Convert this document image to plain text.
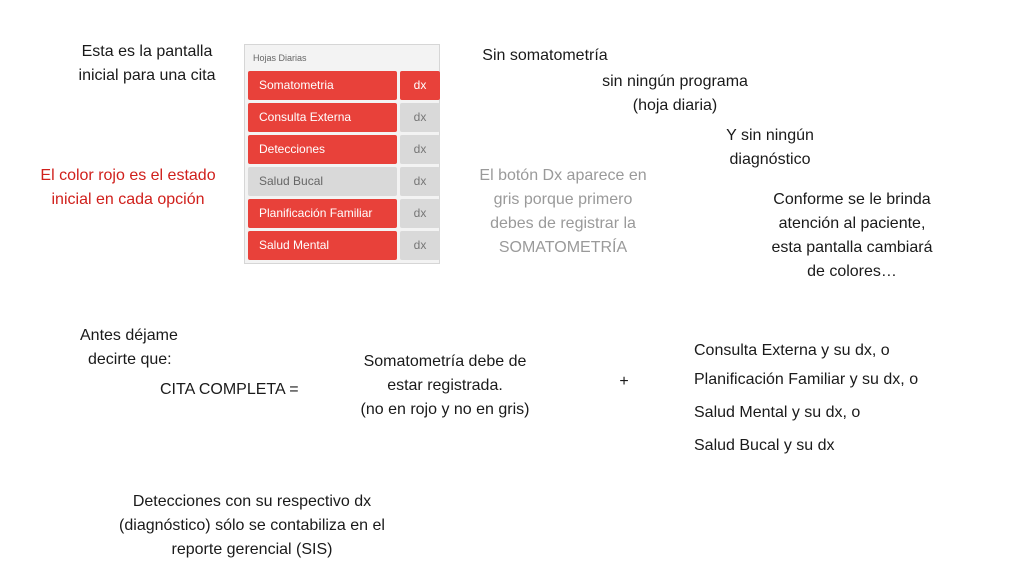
Esta es la pantalla
inicial para una cita
El color rojo es el estado
inicial en cada opción
Hojas Diarias
Somatometria	dx
Consulta Externa	dx
Detecciones	dx
Salud Bucal	dx
Planificación Familiar	dx
Salud Mental	dx
Sin somatometría
sin ningún programa
(hoja diaria)
Y sin ningún
diagnóstico
El botón Dx aparece en
gris porque primero
debes de registrar la
SOMATOMETRÍA
Conforme se le brinda
atención al paciente,
esta pantalla cambiará
de colores…
Antes déjame
decirte que:
CITA COMPLETA =
Somatometría debe de
estar registrada.
(no en rojo y no en gris)
+
Consulta Externa y su dx, o
Planificación Familiar y su dx, o
Salud Mental y su dx, o
Salud Bucal y su dx
Detecciones con su respectivo dx
(diagnóstico) sólo se contabiliza en el
reporte gerencial (SIS)
